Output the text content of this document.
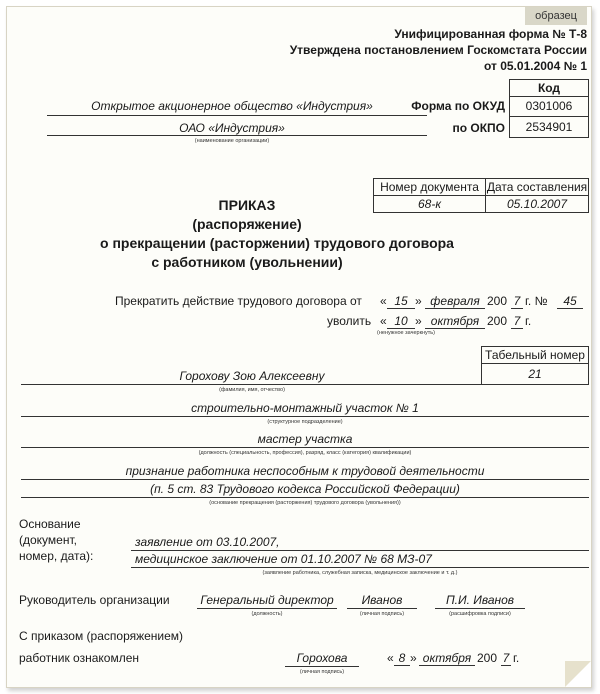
образец
Унифицированная форма № Т-8
Утверждена постановлением Госкомстата России
от 05.01.2004 № 1
Код
Форма по ОКУД	0301006
по ОКПО	2534901
Открытое акционерное общество «Индустрия»
ОАО «Индустрия»
(наименование организации)
Номер документа Дата составления
68-к	05.10.2007
ПРИКАЗ
(распоряжение)
о прекращении (расторжении) трудового договора
с работником (увольнении)
Прекратить действие трудового договора от « 15 » февраля 200 7 г. №	45
уволить « 10 » октября 200 7 г.
(ненужное зачеркнуть)
Табельный номер
21
Горохову Зою Алексеевну
(фамилия, имя, отчество)
строительно-монтажный участок № 1
(структурное подразделение)
мастер участка
(должность (специальность, профессия), разряд, класс (категория) квалификации)
признание работника неспособным к трудовой деятельности
(п. 5 ст. 83 Трудового кодекса Российской Федерации)
(основание прекращения (расторжения) трудового договора (увольнения))
Основание
(документ,
номер, дата):
заявление от 03.10.2007,
медицинское заключение от 01.10.2007 № 68 МЗ-07
(заявление работника, служебная записка, медицинское заключение и т. д.)
Руководитель организации	Генеральный директор
(должность)
Иванов
(личная подпись)
П.И. Иванов
(расшифровка подписи)
С приказом (распоряжением)
работник ознакомлен	Горохова
(личная подпись)
« 8 » октября 200 7 г.
